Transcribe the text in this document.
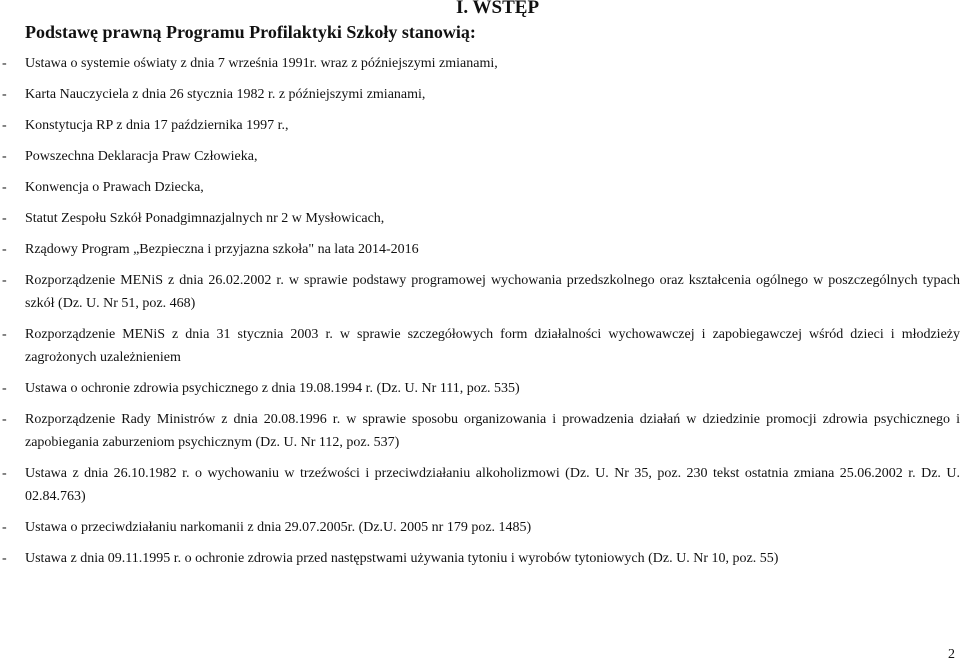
I. WSTĘP
Podstawę prawną Programu Profilaktyki Szkoły stanowią:
-	Ustawa o systemie oświaty z dnia 7 września 1991r. wraz z późniejszymi zmianami,
-	Karta Nauczyciela z dnia 26 stycznia 1982 r. z późniejszymi zmianami,
-	Konstytucja RP z dnia 17 października 1997 r.,
-	Powszechna Deklaracja Praw Człowieka,
-	Konwencja o Prawach Dziecka,
-	Statut Zespołu Szkół Ponadgimnazjalnych nr 2 w Mysłowicach,
-	Rządowy Program „Bezpieczna i przyjazna szkoła" na lata 2014-2016
-	Rozporządzenie MENiS z dnia 26.02.2002 r. w sprawie podstawy programowej wychowania przedszkolnego oraz kształcenia ogólnego w poszczególnych typach szkół (Dz. U. Nr 51, poz. 468)
-	Rozporządzenie MENiS z dnia 31 stycznia 2003 r. w sprawie szczegółowych form działalności wychowawczej i zapobiegawczej wśród dzieci i młodzieży zagrożonych uzależnieniem
-	Ustawa o ochronie zdrowia psychicznego z dnia 19.08.1994 r. (Dz. U. Nr 111, poz. 535)
-	Rozporządzenie Rady Ministrów z dnia 20.08.1996 r. w sprawie sposobu organizowania i prowadzenia działań w dziedzinie promocji zdrowia psychicznego i zapobiegania zaburzeniom psychicznym (Dz. U. Nr 112, poz. 537)
-	Ustawa z dnia 26.10.1982 r. o wychowaniu w trzeźwości i przeciwdziałaniu alkoholizmowi (Dz. U. Nr 35, poz. 230 tekst ostatnia zmiana 25.06.2002 r. Dz. U. 02.84.763)
-	Ustawa o przeciwdziałaniu narkomanii z dnia 29.07.2005r. (Dz.U. 2005 nr 179 poz. 1485)
-	Ustawa z dnia 09.11.1995 r. o ochronie zdrowia przed następstwami używania tytoniu i wyrobów tytoniowych (Dz. U. Nr 10, poz. 55)

2
